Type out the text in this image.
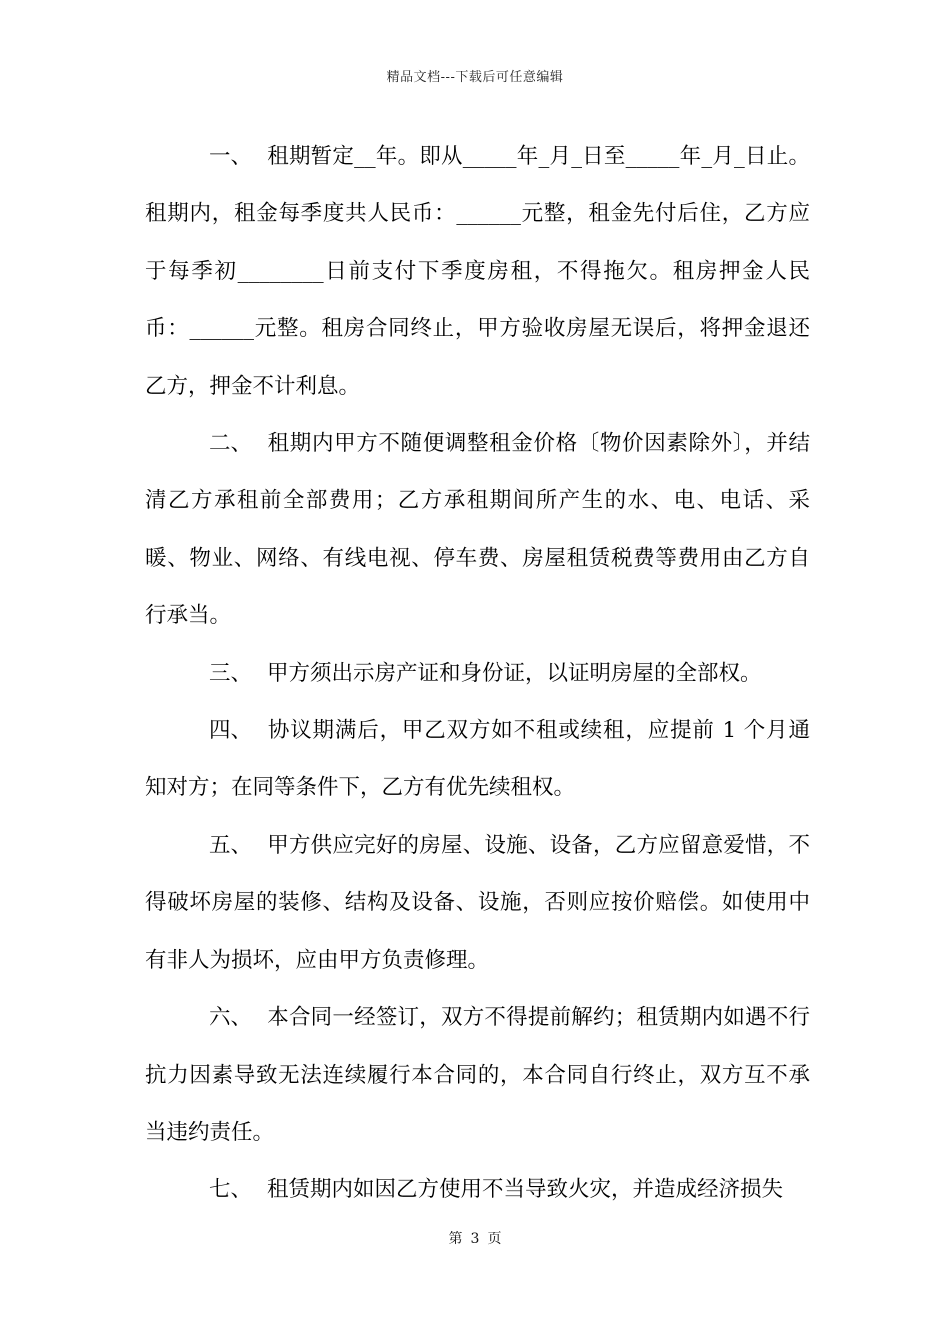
精品文档---下载后可任意编辑

一、 租期暂定__年。即从_____年_月_日至_____年_月_日止。租期内，租金每季度共人民币：______元整，租金先付后住，乙方应于每季初________日前支付下季度房租，不得拖欠。租房押金人民币：______元整。租房合同终止，甲方验收房屋无误后，将押金退还乙方，押金不计利息。

二、 租期内甲方不随便调整租金价格〔物价因素除外〕，并结清乙方承租前全部费用；乙方承租期间所产生的水、电、电话、采暖、物业、网络、有线电视、停车费、房屋租赁税费等费用由乙方自行承当。

三、 甲方须出示房产证和身份证，以证明房屋的全部权。

四、 协议期满后，甲乙双方如不租或续租，应提前 1 个月通知对方；在同等条件下，乙方有优先续租权。

五、 甲方供应完好的房屋、设施、设备，乙方应留意爱惜，不得破坏房屋的装修、结构及设备、设施，否则应按价赔偿。如使用中有非人为损坏，应由甲方负责修理。

六、 本合同一经签订，双方不得提前解约；租赁期内如遇不行抗力因素导致无法连续履行本合同的，本合同自行终止，双方互不承当违约责任。

七、 租赁期内如因乙方使用不当导致火灾，并造成经济损失

第 3 页
